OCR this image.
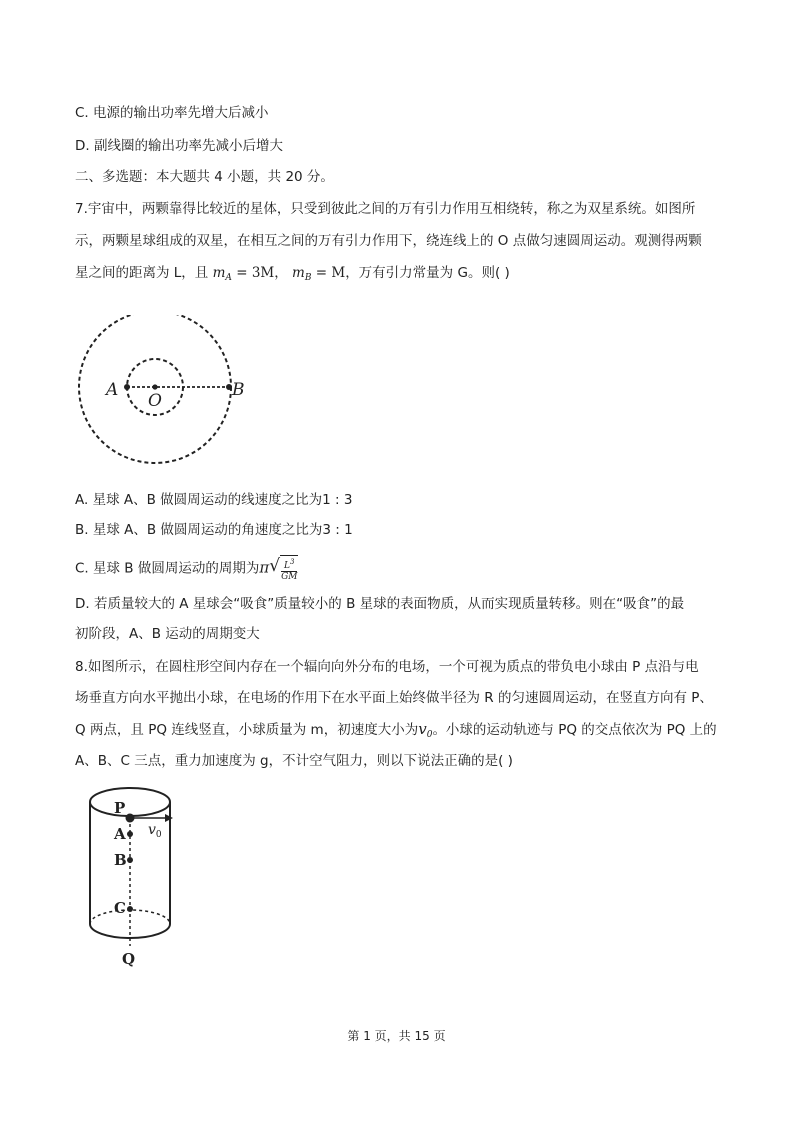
C. 电源的输出功率先增大后减小
D. 副线圈的输出功率先减小后增大
二、多选题：本大题共 4 小题，共 20 分。
7.宇宙中，两颗靠得比较近的星体，只受到彼此之间的万有引力作用互相绕转，称之为双星系统。如图所
示，两颗星球组成的双星，在相互之间的万有引力作用下，绕连线上的 O 点做匀速圆周运动。观测得两颗
星之间的距离为 L，且 $m_A = 3M$， $m_B = M$，万有引力常量为 G。则( )
A
O
B
A. 星球 A、B 做圆周运动的线速度之比为1 : 3
B. 星球 A、B 做圆周运动的角速度之比为3 : 1
C. 星球 B 做圆周运动的周期为π √ $\frac{L^3}{GM}$
D. 若质量较大的 A 星球会“吸食”质量较小的 B 星球的表面物质，从而实现质量转移。则在“吸食”的最
初阶段，A、B 运动的周期变大
8.如图所示，在圆柱形空间内存在一个辐向向外分布的电场，一个可视为质点的带负电小球由 P 点沿与电
场垂直方向水平抛出小球，在电场的作用下在水平面上始终做半径为 R 的匀速圆周运动，在竖直方向有 P、
Q 两点，且 PQ 连线竖直，小球质量为 m，初速度大小为$v_0$。小球的运动轨迹与 PQ 的交点依次为 PQ 上的
A、B、C 三点，重力加速度为 g，不计空气阻力，则以下说法正确的是( )
P
A
B
C
Q
$v_0$
第 1 页，共 15 页
